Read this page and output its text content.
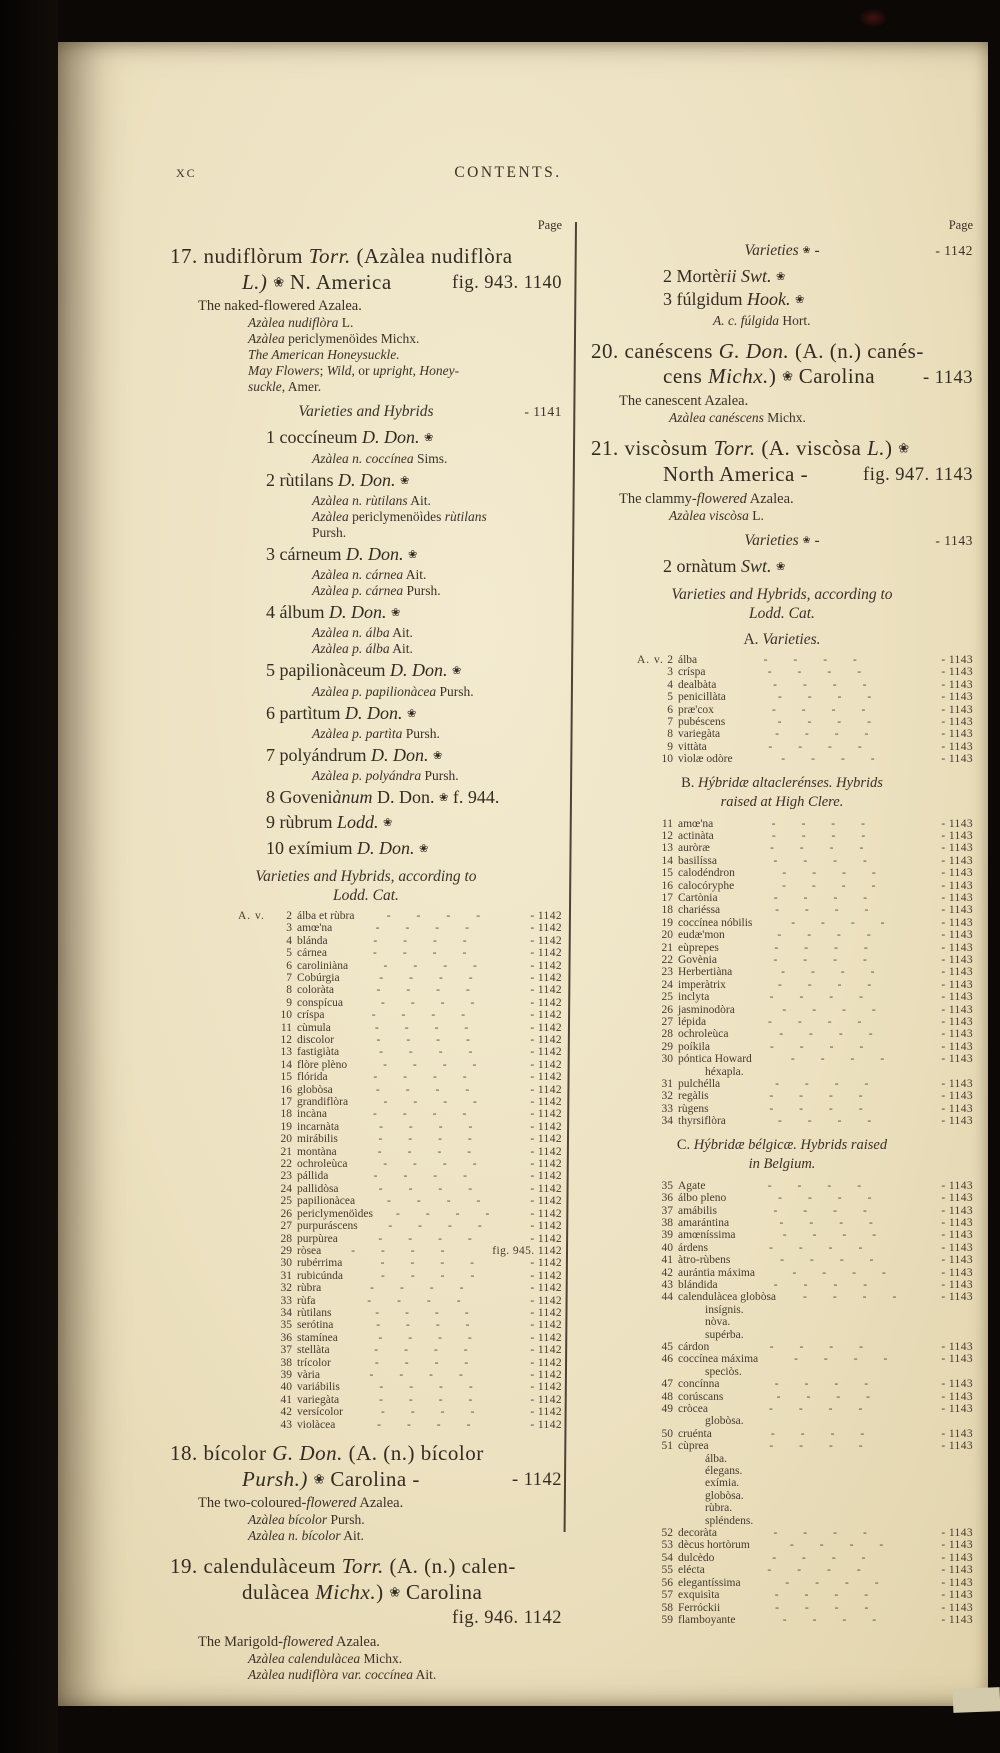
xc	CONTENTS.
Page	Page
17. nudiflòrum Torr. (Azàlea nudiflòra
L.) ❀ N. America	fig. 943. 1140
The naked-flowered Azalea.
Azàlea nudiflòra L.
Azàlea periclymenöìdes Michx.
The American Honeysuckle.
May Flowers; Wild, or upright, Honey-
suckle, Amer.
Varieties and Hybrids	- 1141
1 coccíneum D. Don. ❀
Azàlea n. coccínea Sims.
2 rùtilans D. Don. ❀
Azàlea n. rùtilans Ait.
Azàlea periclymenöìdes rùtilans
Pursh.
3 cárneum D. Don. ❀
Azàlea n. cárnea Ait.
Azàlea p. cárnea Pursh.
4 álbum D. Don. ❀
Azàlea n. álba Ait.
Azàlea p. álba Ait.
5 papilionàceum D. Don. ❀
Azàlea p. papilionàcea Pursh.
6 partìtum D. Don. ❀
Azàlea p. partìta Pursh.
7 polyándrum D. Don. ❀
Azàlea p. polyándra Pursh.
8 Goveniànum D. Don. ❀ f. 944.
9 rùbrum Lodd. ❀
10 exímium D. Don. ❀
Varieties and Hybrids, according to
Lodd. Cat.
A. v.	2 álba et rùbra	----	- 1142
3 amœ'na	----	- 1142
4 blánda	----	- 1142
5 cárnea	----	- 1142
6 caroliniàna	----	- 1142
7 Cobúrgia	----	- 1142
8 coloràta	----	- 1142
9 conspícua	----	- 1142
10 críspa	----	- 1142
11 cùmula	----	- 1142
12 discolor	----	- 1142
13 fastigiàta	----	- 1142
14 flòre plèno	----	- 1142
15 flórida	----	- 1142
16 globòsa	----	- 1142
17 grandiflòra	----	- 1142
18 incàna	----	- 1142
19 incarnàta	----	- 1142
20 mirábilis	----	- 1142
21 montàna	----	- 1142
22 ochroleùca	----	- 1142
23 pállida	----	- 1142
24 pallidòsa	----	- 1142
25 papilionàcea	----	- 1142
26 periclymenöìdes	----	- 1142
27 purpuráscens	----	- 1142
28 purpùrea	----	- 1142
29 ròsea	----	fig. 945. 1142
30 rubérrima	----	- 1142
31 rubicúnda	----	- 1142
32 rùbra	----	- 1142
33 rùfa	----	- 1142
34 rùtilans	----	- 1142
35 serótina	----	- 1142
36 stamínea	----	- 1142
37 stellàta	----	- 1142
38 trícolor	----	- 1142
39 vària	----	- 1142
40 variábilis	----	- 1142
41 variegàta	----	- 1142
42 versícolor	----	- 1142
43 violàcea	----	- 1142
18. bícolor G. Don. (A. (n.) bícolor
Pursh.) ❀ Carolina -	- 1142
The two-coloured-flowered Azalea.
Azàlea bícolor Pursh.
Azàlea n. bícolor Ait.
19. calendulàceum Torr. (A. (n.) calen-
dulàcea Michx.) ❀ Carolina
fig. 946. 1142
The Marigold-flowered Azalea.
Azàlea calendulàcea Michx.
Azàlea nudiflòra var. coccínea Ait.
Varieties ❀ -	- 1142
2 Mortèrii Swt. ❀
3 fúlgidum Hook. ❀
A. c. fúlgida Hort.
20. canéscens G. Don. (A. (n.) canés-
cens Michx.) ❀ Carolina	- 1143
The canescent Azalea.
Azàlea canéscens Michx.
21. viscòsum Torr. (A. viscòsa L.) ❀
North America -	fig. 947. 1143
The clammy-flowered Azalea.
Azàlea viscòsa L.
Varieties ❀ -	- 1143
2 ornàtum Swt. ❀
Varieties and Hybrids, according to
Lodd. Cat.
A. Varieties.
A. v. 2 álba	----	- 1143
3 críspa	----	- 1143
4 dealbàta	----	- 1143
5 penicillàta	----	- 1143
6 præ'cox	----	- 1143
7 pubéscens	----	- 1143
8 variegàta	----	- 1143
9 vittàta	----	- 1143
10 vìolæ odòre	----	- 1143
B. Hýbridæ altaclerénses. Hybrids
raised at High Clere.
11 amœ'na	----	- 1143
12 actinàta	----	- 1143
13 auròræ	----	- 1143
14 basilíssa	----	- 1143
15 calodéndron	----	- 1143
16 calocóryphe	----	- 1143
17 Cartònia	----	- 1143
18 chariéssa	----	- 1143
19 coccínea nóbilis	----	- 1143
20 eudæ'mon	----	- 1143
21 eùprepes	----	- 1143
22 Govènia	----	- 1143
23 Herbertiàna	----	- 1143
24 imperàtrix	----	- 1143
25 inclyta	----	- 1143
26 jasminodòra	----	- 1143
27 lépida	----	- 1143
28 ochroleùca	----	- 1143
29 poíkila	----	- 1143
30 póntica Howard	----	- 1143
héxapla.
31 pulchélla	----	- 1143
32 regàlis	----	- 1143
33 rùgens	----	- 1143
34 thyrsiflòra	----	- 1143
C. Hýbridæ bélgicæ. Hybrids raised
in Belgium.
35 Agate	----	- 1143
36 álbo pleno	----	- 1143
37 amábilis	----	- 1143
38 amarántina	----	- 1143
39 amœníssima	----	- 1143
40 árdens	----	- 1143
41 àtro-rùbens	----	- 1143
42 aurántia máxima	----	- 1143
43 blándida	----	- 1143
44 calendulàcea globòsa	----	- 1143
insígnis.
nòva.
supérba.
45 cárdon	----	- 1143
46 coccínea máxima	----	- 1143
speciòs.
47 concínna	----	- 1143
48 corúscans	----	- 1143
49 cròcea	----	- 1143
globòsa.
50 cruénta	----	- 1143
51 cùprea	----	- 1143
álba.
élegans.
exímia.
globòsa.
rùbra.
spléndens.
52 decoràta	----	- 1143
53 dècus hortòrum	----	- 1143
54 dulcèdo	----	- 1143
55 elécta	----	- 1143
56 elegantíssima	----	- 1143
57 exquisìta	----	- 1143
58 Ferróckii	----	- 1143
59 flamboyante	----	- 1143
